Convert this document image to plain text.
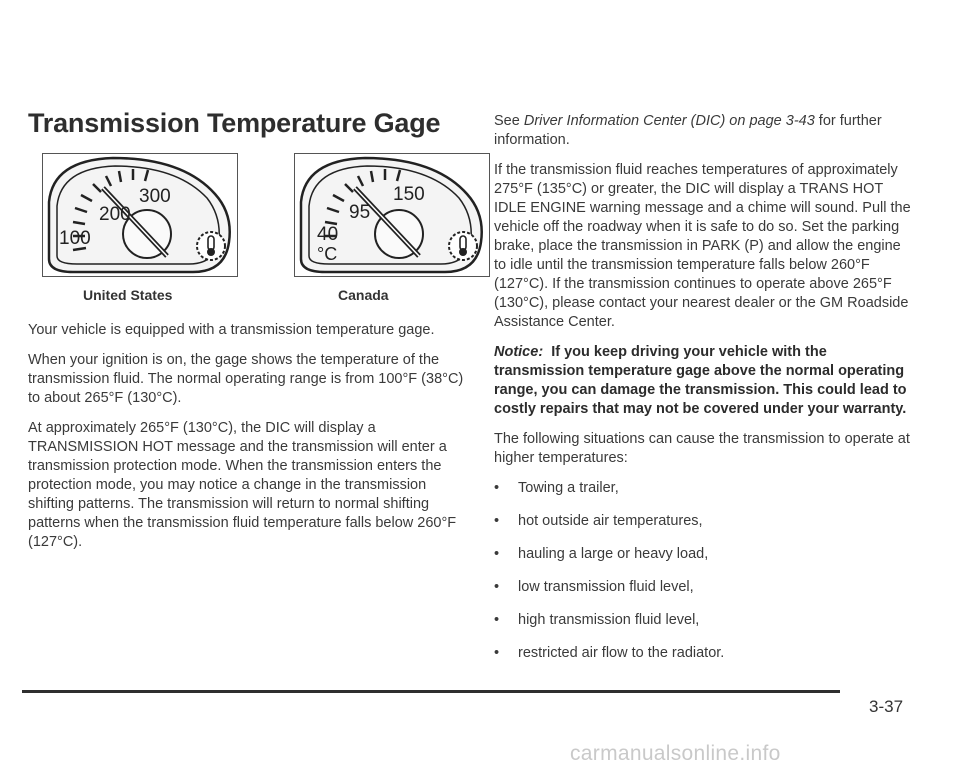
Transmission Temperature Gage
300
200
100
150
95
40
°C
United States	Canada

Your vehicle is equipped with a transmission temperature gage.

When your ignition is on, the gage shows the temperature of the transmission fluid. The normal operating range is from 100°F (38°C) to about 265°F (130°C).

At approximately 265°F (130°C), the DIC will display a TRANSMISSION HOT message and the transmission will enter a transmission protection mode. When the transmission enters the protection mode, you may notice a change in the transmission shifting patterns. The transmission will return to normal shifting patterns when the transmission fluid temperature falls below 260°F (127°C).

See Driver Information Center (DIC) on page 3-43 for further information.

If the transmission fluid reaches temperatures of approximately 275°F (135°C) or greater, the DIC will display a TRANS HOT IDLE ENGINE warning message and a chime will sound. Pull the vehicle off the roadway when it is safe to do so. Set the parking brake, place the transmission in PARK (P) and allow the engine to idle until the transmission temperature falls below 260°F (127°C). If the transmission continues to operate above 265°F (130°C), please contact your nearest dealer or the GM Roadside Assistance Center.

Notice: If you keep driving your vehicle with the transmission temperature gage above the normal operating range, you can damage the transmission. This could lead to costly repairs that may not be covered under your warranty.

The following situations can cause the transmission to operate at higher temperatures:

• Towing a trailer,
• hot outside air temperatures,
• hauling a large or heavy load,
• low transmission fluid level,
• high transmission fluid level,
• restricted air flow to the radiator.
3-37
carmanualsonline.info
